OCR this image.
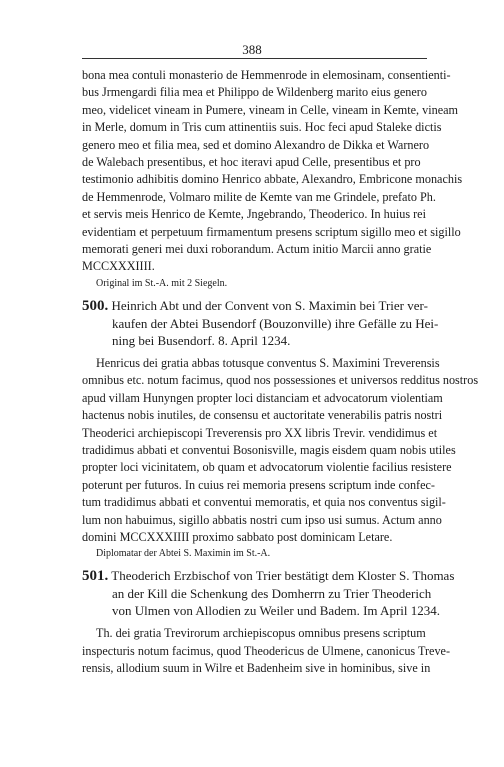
388
bona mea contuli monasterio de Hemmenrode in elemosinam, consentienti-
bus Jrmengardi filia mea et Philippo de Wildenberg marito eius genero
meo, videlicet vineam in Pumere, vineam in Celle, vineam in Kemte, vineam
in Merle, domum in Tris cum attinentiis suis. Hoc feci apud Staleke dictis
genero meo et filia mea, sed et domino Alexandro de Dikka et Warnero
de Walebach presentibus, et hoc iteravi apud Celle, presentibus et pro
testimonio adhibitis domino Henrico abbate, Alexandro, Embricone monachis
de Hemmenrode, Volmaro milite de Kemte van me Grindele, prefato Ph.
et servis meis Henrico de Kemte, Jngebrando, Theoderico. In huius rei
evidentiam et perpetuum firmamentum presens scriptum sigillo meo et sigillo
memorati generi mei duxi roborandum. Actum initio Marcii anno gratie
MCCXXXIIII.
Original im St.-A. mit 2 Siegeln.
500. Heinrich Abt und der Convent von S. Maximin bei Trier ver-
kaufen der Abtei Busendorf (Bouzonville) ihre Gefälle zu Hei-
ning bei Busendorf. 8. April 1234.
Henricus dei gratia abbas totusque conventus S. Maximini Treverensis
omnibus etc. notum facimus, quod nos possessiones et universos redditus nostros
apud villam Hunyngen propter loci distanciam et advocatorum violentiam
hactenus nobis inutiles, de consensu et auctoritate venerabilis patris nostri
Theoderici archiepiscopi Treverensis pro XX libris Trevir. vendidimus et
tradidimus abbati et conventui Bosonisville, magis eisdem quam nobis utiles
propter loci vicinitatem, ob quam et advocatorum violentie facilius resistere
poterunt per futuros. In cuius rei memoria presens scriptum inde confec-
tum tradidimus abbati et conventui memoratis, et quia nos conventus sigil-
lum non habuimus, sigillo abbatis nostri cum ipso usi sumus. Actum anno
domini MCCXXXIIII proximo sabbato post dominicam Letare.
Diplomatar der Abtei S. Maximin im St.-A.
501. Theoderich Erzbischof von Trier bestätigt dem Kloster S. Thomas
an der Kill die Schenkung des Domherrn zu Trier Theoderich
von Ulmen von Allodien zu Weiler und Badem. Im April 1234.
Th. dei gratia Trevirorum archiepiscopus omnibus presens scriptum
inspecturis notum facimus, quod Theodericus de Ulmene, canonicus Treve-
rensis, allodium suum in Wilre et Badenheim sive in hominibus, sive in
